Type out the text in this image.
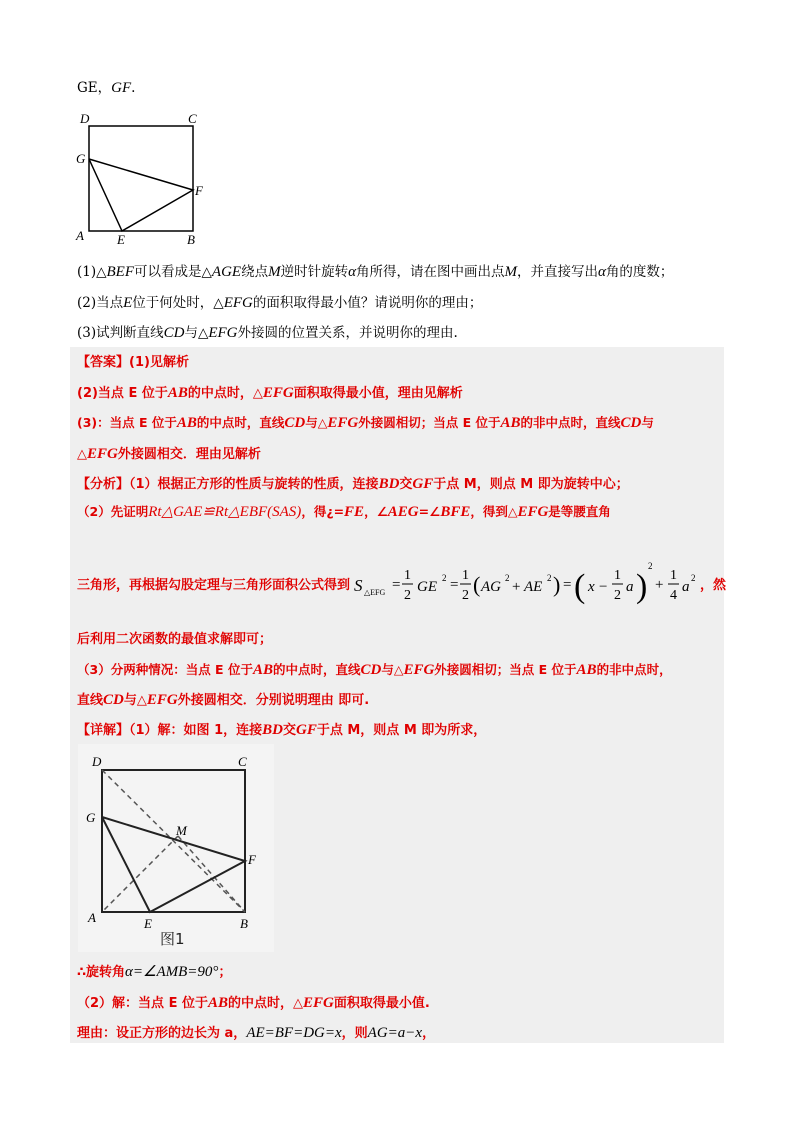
GE，GF.
D	C
G
F
A	E	B
(1)△BEF可以看成是△AGE绕点M逆时针旋转α角所得，请在图中画出点M，并直接写出α角的度数；
(2)当点E位于何处时，△EFG的面积取得最小值？请说明你的理由；
(3)试判断直线CD与△EFG外接圆的位置关系，并说明你的理由.
【答案】(1)见解析
(2)当点 E 位于AB的中点时，△EFG面积取得最小值，理由见解析
(3)：当点 E 位于AB的中点时，直线CD与△EFG外接圆相切；当点 E 位于AB的非中点时，直线CD与
△EFG外接圆相交．理由见解析
【分析】（1）根据正方形的性质与旋转的性质，连接BD交GF于点 M，则点 M 即为旋转中心；
（2）先证明Rt△GAE≌Rt△EBF(SAS)，得¿=FE，∠AEG=∠BFE，得到△EFG是等腰直角
三角形，再根据勾股定理与三角形面积公式得到	，然
S △EFG =
1
2
GE
2 =
1
2 ( AG
2
+ AE
2 ) = ( x −
1
2
a )
2
+
1
4
a
2
后利用二次函数的最值求解即可；
（3）分两种情况：当点 E 位于AB的中点时，直线CD与△EFG外接圆相切；当点 E 位于AB的非中点时，
直线CD与△EFG外接圆相交．分别说明理由 即可.
【详解】（1）解：如图 1，连接BD交GF于点 M，则点 M 即为所求，
D	C
G
M
F
A	E	B
图1
∴旋转角α=∠AMB=90°；
（2）解：当点 E 位于AB的中点时，△EFG面积取得最小值.
理由：设正方形的边长为 a，AE=BF=DG=x，则AG=a−x，
